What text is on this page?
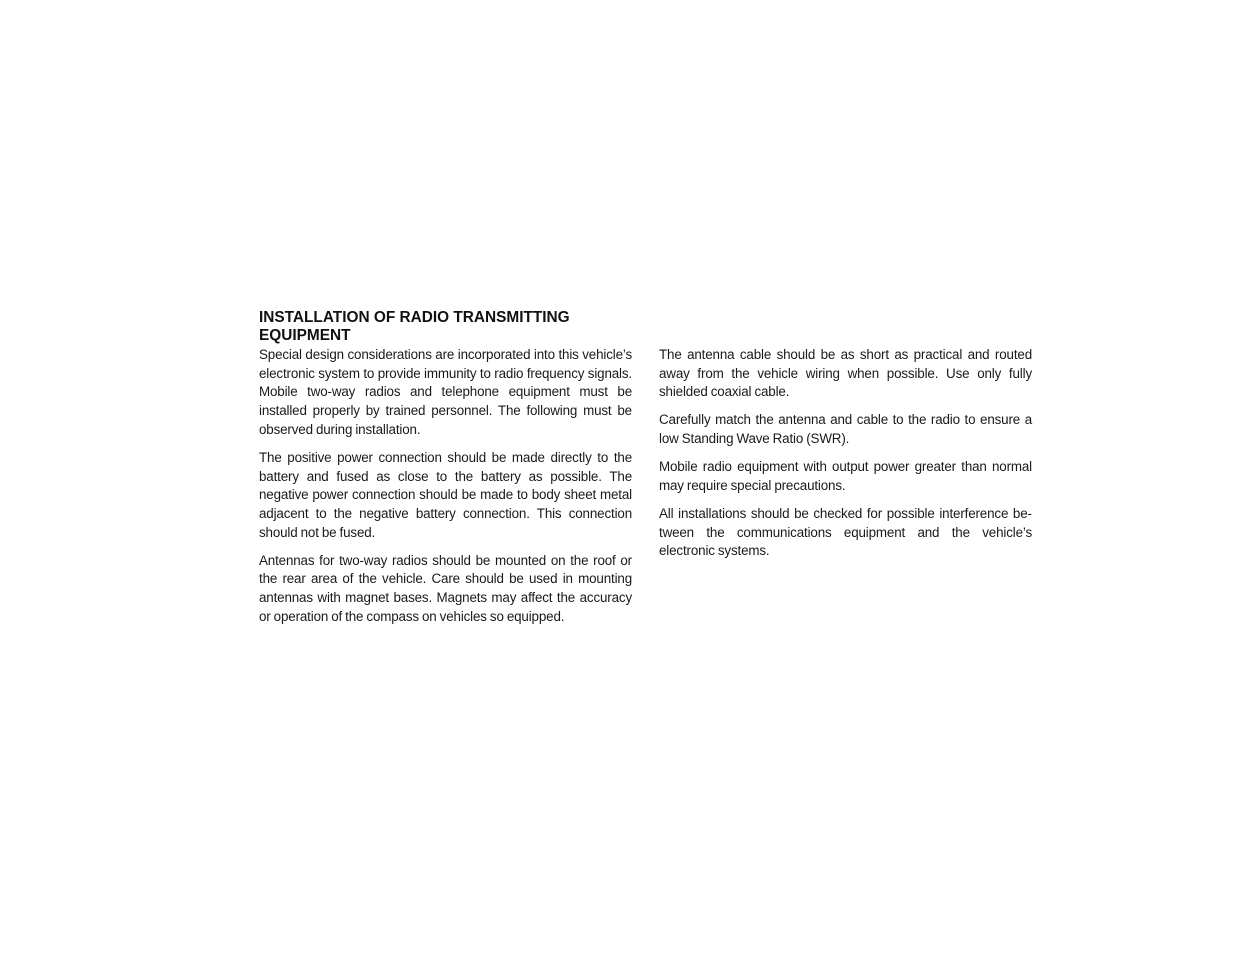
INSTALLATION OF RADIO TRANSMITTING EQUIPMENT

Special design considerations are incorporated into this vehicle’s electronic system to provide immunity to radio frequency signals. Mobile two-way radios and telephone equipment must be installed properly by trained personnel. The following must be observed during installation.

The positive power connection should be made directly to the battery and fused as close to the battery as possible. The negative power connection should be made to body sheet metal adjacent to the negative battery connection. This connection should not be fused.

Antennas for two-way radios should be mounted on the roof or the rear area of the vehicle. Care should be used in mounting antennas with magnet bases. Magnets may affect the accuracy or operation of the compass on vehicles so equipped.

The antenna cable should be as short as practical and routed away from the vehicle wiring when possible. Use only fully shielded coaxial cable.

Carefully match the antenna and cable to the radio to ensure a low Standing Wave Ratio (SWR).

Mobile radio equipment with output power greater than normal may require special precautions.

All installations should be checked for possible interference between the communications equipment and the vehicle’s electronic systems.
